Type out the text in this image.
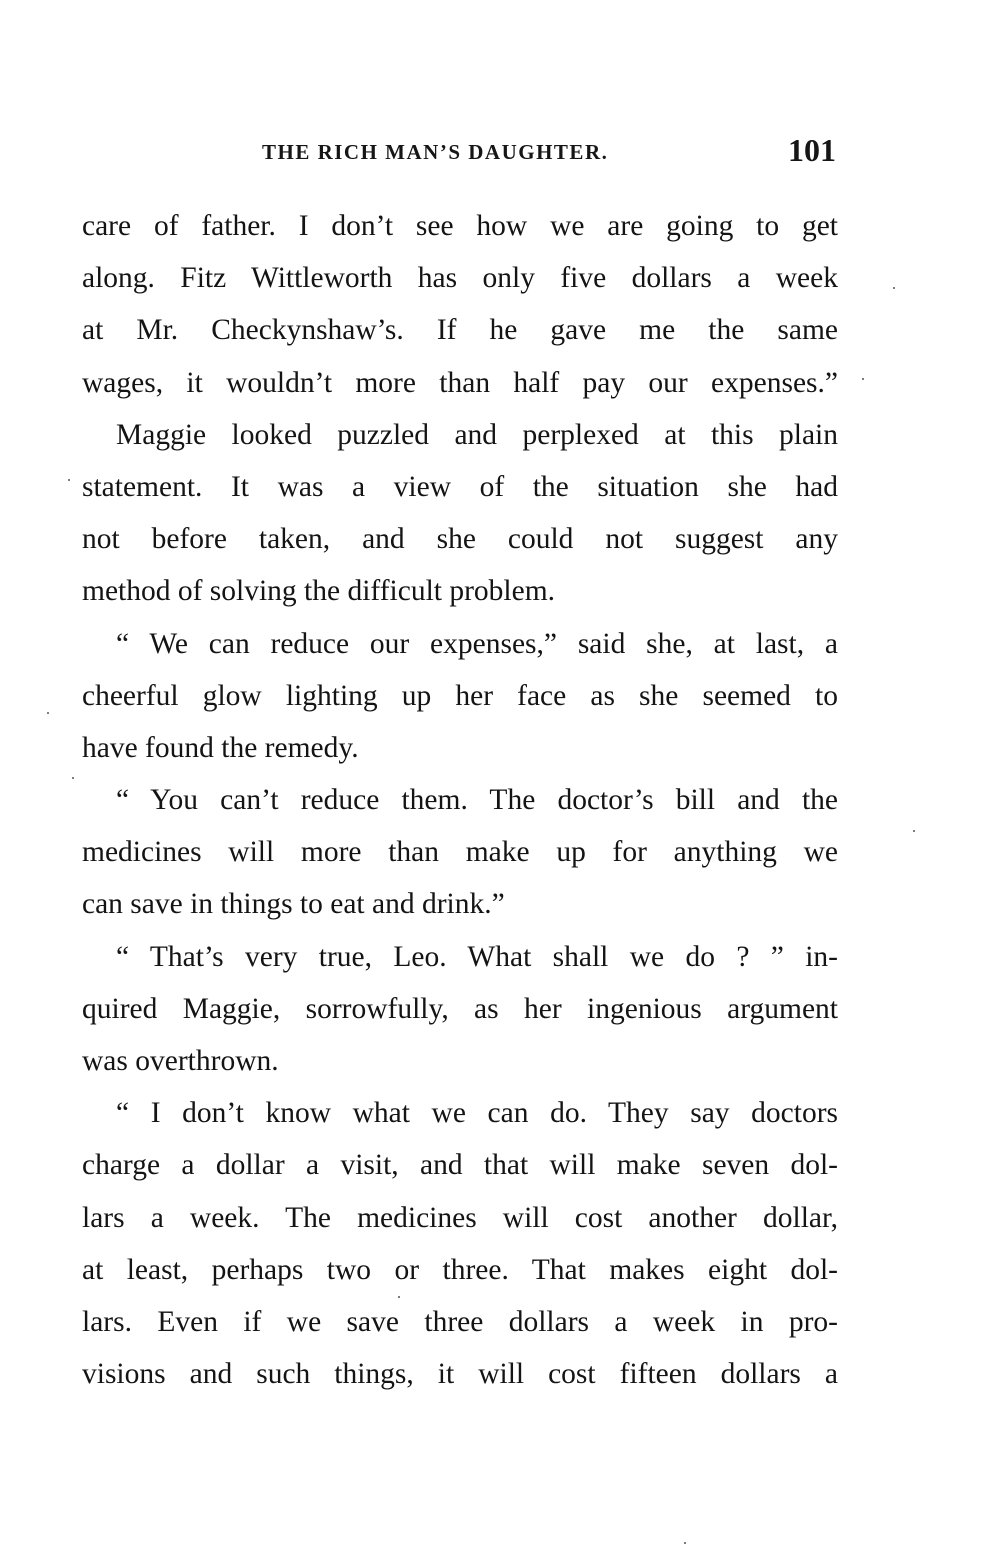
THE RICH MAN’S DAUGHTER.	101
care of father. I don’t see how we are going to get
along. Fitz Wittleworth has only five dollars a week
at Mr. Checkynshaw’s. If he gave me the same
wages, it wouldn’t more than half pay our expenses.”
Maggie looked puzzled and perplexed at this plain
statement. It was a view of the situation she had
not before taken, and she could not suggest any
method of solving the difficult problem.
“ We can reduce our expenses,” said she, at last, a
cheerful glow lighting up her face as she seemed to
have found the remedy.
“ You can’t reduce them. The doctor’s bill and the
medicines will more than make up for anything we
can save in things to eat and drink.”
“ That’s very true, Leo. What shall we do ? ” in-
quired Maggie, sorrowfully, as her ingenious argument
was overthrown.
“ I don’t know what we can do. They say doctors
charge a dollar a visit, and that will make seven dol-
lars a week. The medicines will cost another dollar,
at least, perhaps two or three. That makes eight dol-
lars. Even if we save three dollars a week in pro-
visions and such things, it will cost fifteen dollars a
